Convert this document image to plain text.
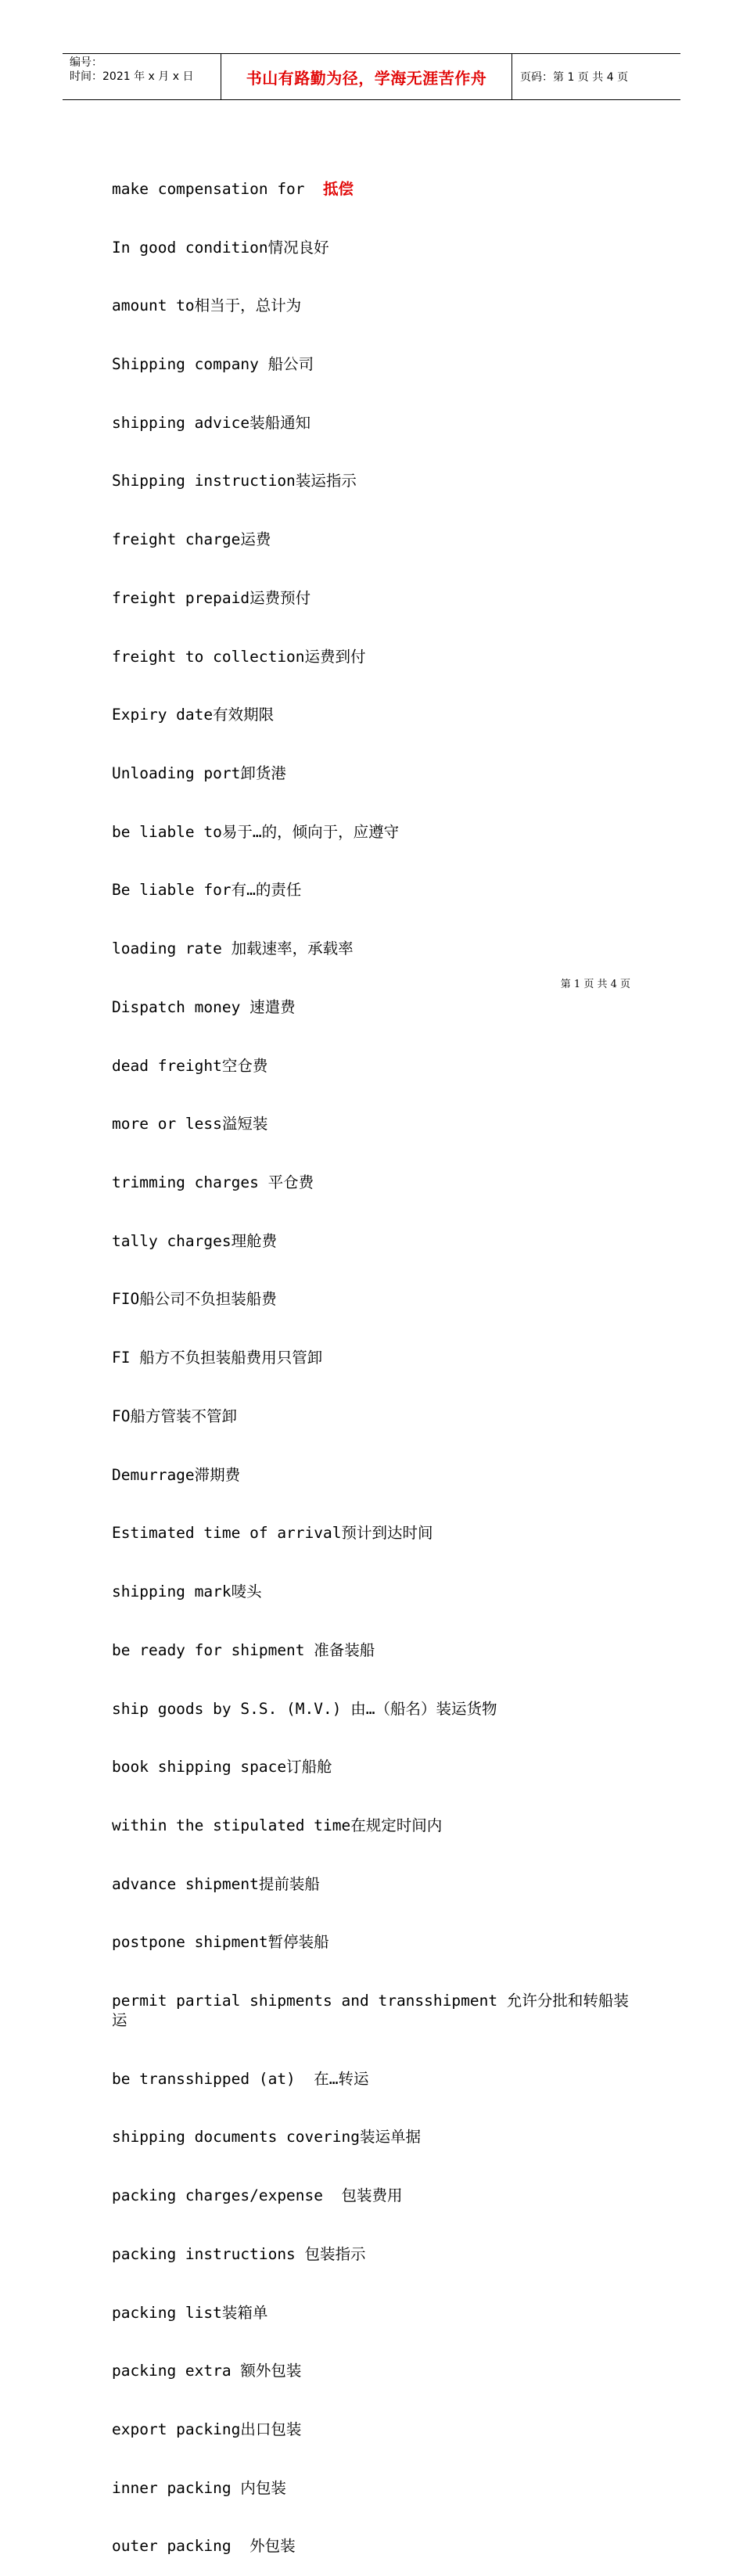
编号：
时间：2021 年 x 月 x 日	书山有路勤为径，学海无涯苦作舟	页码：第 1 页 共 4 页

make compensation for  抵偿

In good condition情况良好

amount to相当于，总计为

Shipping company 船公司

shipping advice装船通知

Shipping instruction装运指示

freight charge运费

freight prepaid运费预付

freight to collection运费到付

Expiry date有效期限

Unloading port卸货港

be liable to易于…的，倾向于，应遵守

Be liable for有…的责任

loading rate 加载速率，承载率

Dispatch money 速遣费

dead freight空仓费

more or less溢短装

trimming charges 平仓费

tally charges理舱费

FIO船公司不负担装船费

FI 船方不负担装船费用只管卸

FO船方管装不管卸

Demurrage滞期费

Estimated time of arrival预计到达时间

shipping mark唛头

be ready for shipment 准备装船

ship goods by S.S. (M.V.) 由…（船名）装运货物

book shipping space订船舱

within the stipulated time在规定时间内

advance shipment提前装船

postpone shipment暂停装船

permit partial shipments and transshipment 允许分批和转船装运

be transshipped (at)  在…转运

shipping documents covering装运单据

packing charges/expense  包装费用

packing instructions 包装指示

packing list装箱单

packing extra 额外包装

export packing出口包装

inner packing 内包装

outer packing  外包装

第 1 页 共 4 页
